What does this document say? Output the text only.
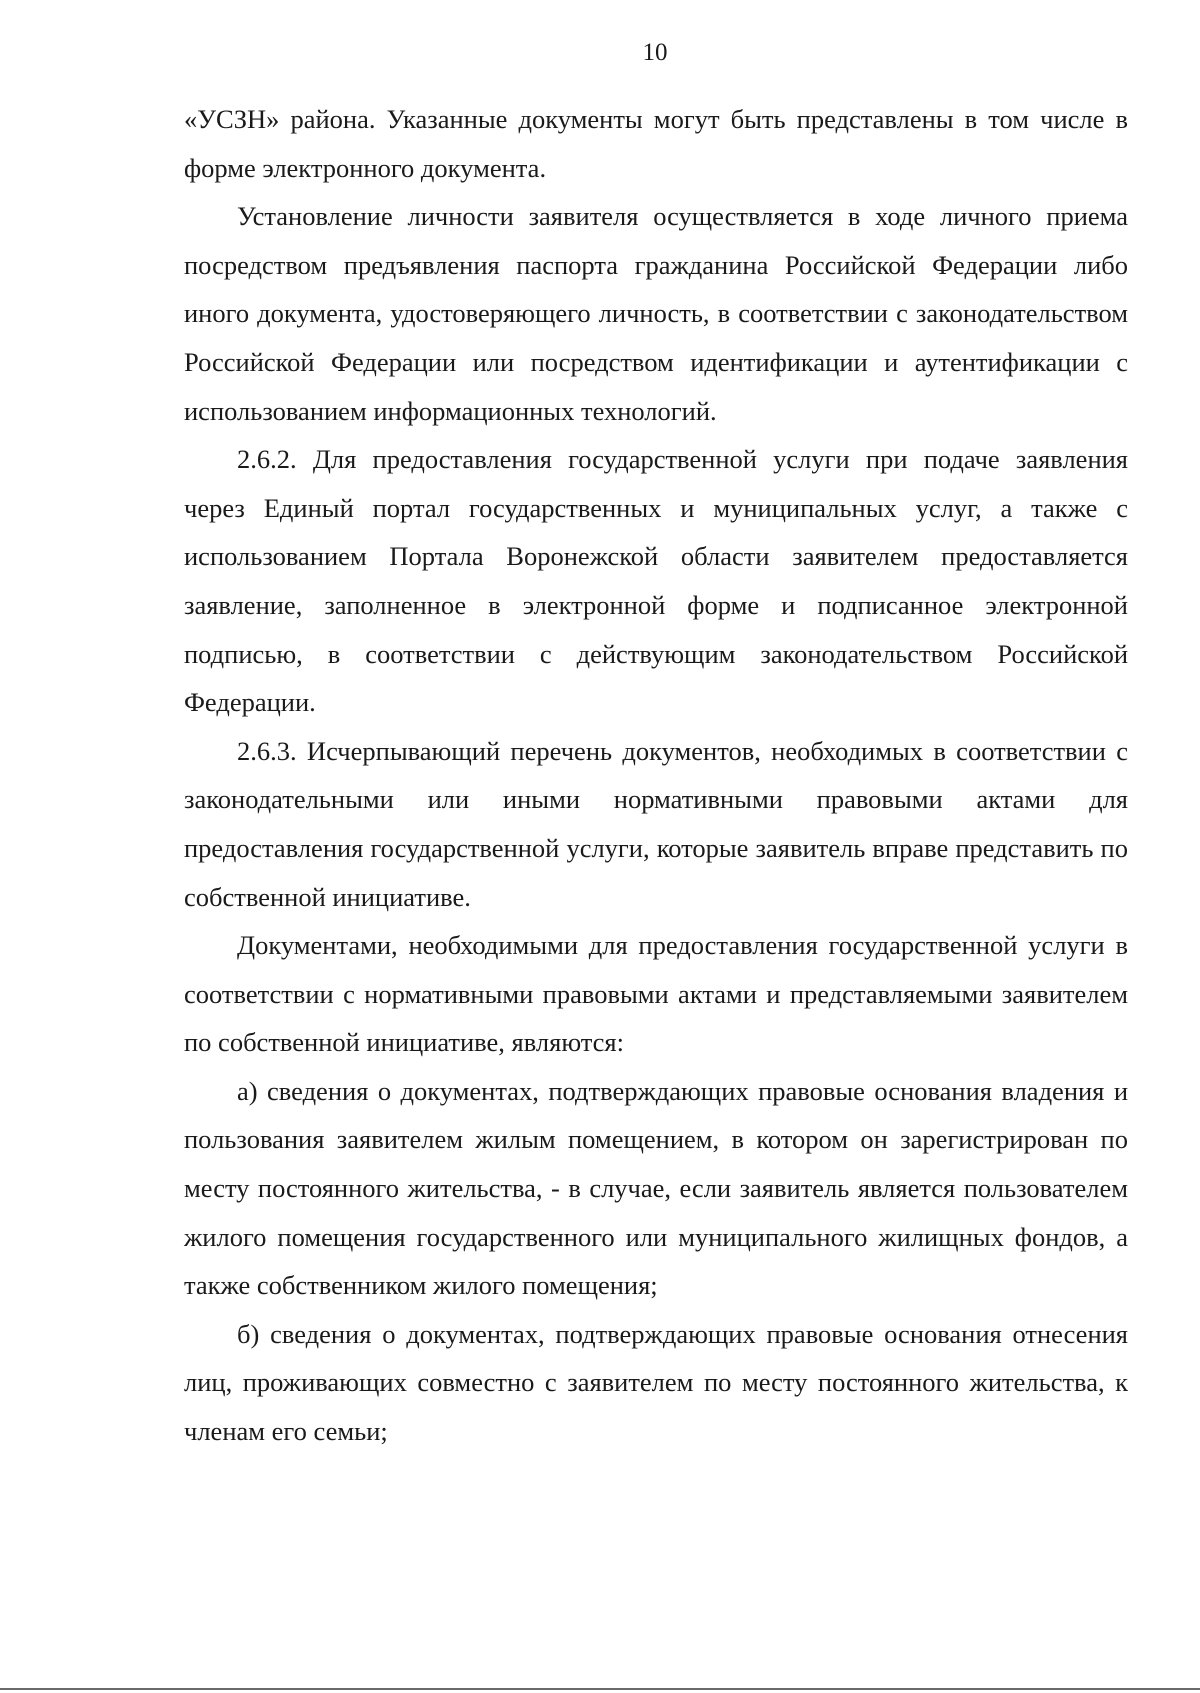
10

«УСЗН» района. Указанные документы могут быть представлены в том числе в форме электронного документа.

Установление личности заявителя осуществляется в ходе личного приема посредством предъявления паспорта гражданина Российской Федерации либо иного документа, удостоверяющего личность, в соответствии с законодательством Российской Федерации или посредством идентификации и аутентификации с использованием информационных технологий.

2.6.2. Для предоставления государственной услуги при подаче заявления через Единый портал государственных и муниципальных услуг, а также с использованием Портала Воронежской области заявителем предоставляется заявление, заполненное в электронной форме и подписанное электронной подписью, в соответствии с действующим законодательством Российской Федерации.

2.6.3. Исчерпывающий перечень документов, необходимых в соответствии с законодательными или иными нормативными правовыми актами для предоставления государственной услуги, которые заявитель вправе представить по собственной инициативе.

Документами, необходимыми для предоставления государственной услуги в соответствии с нормативными правовыми актами и представляемыми заявителем по собственной инициативе, являются:

а) сведения о документах, подтверждающих правовые основания владения и пользования заявителем жилым помещением, в котором он зарегистрирован по месту постоянного жительства, - в случае, если заявитель является пользователем жилого помещения государственного или муниципального жилищных фондов, а также собственником жилого помещения;

б) сведения о документах, подтверждающих правовые основания отнесения лиц, проживающих совместно с заявителем по месту постоянного жительства, к членам его семьи;
